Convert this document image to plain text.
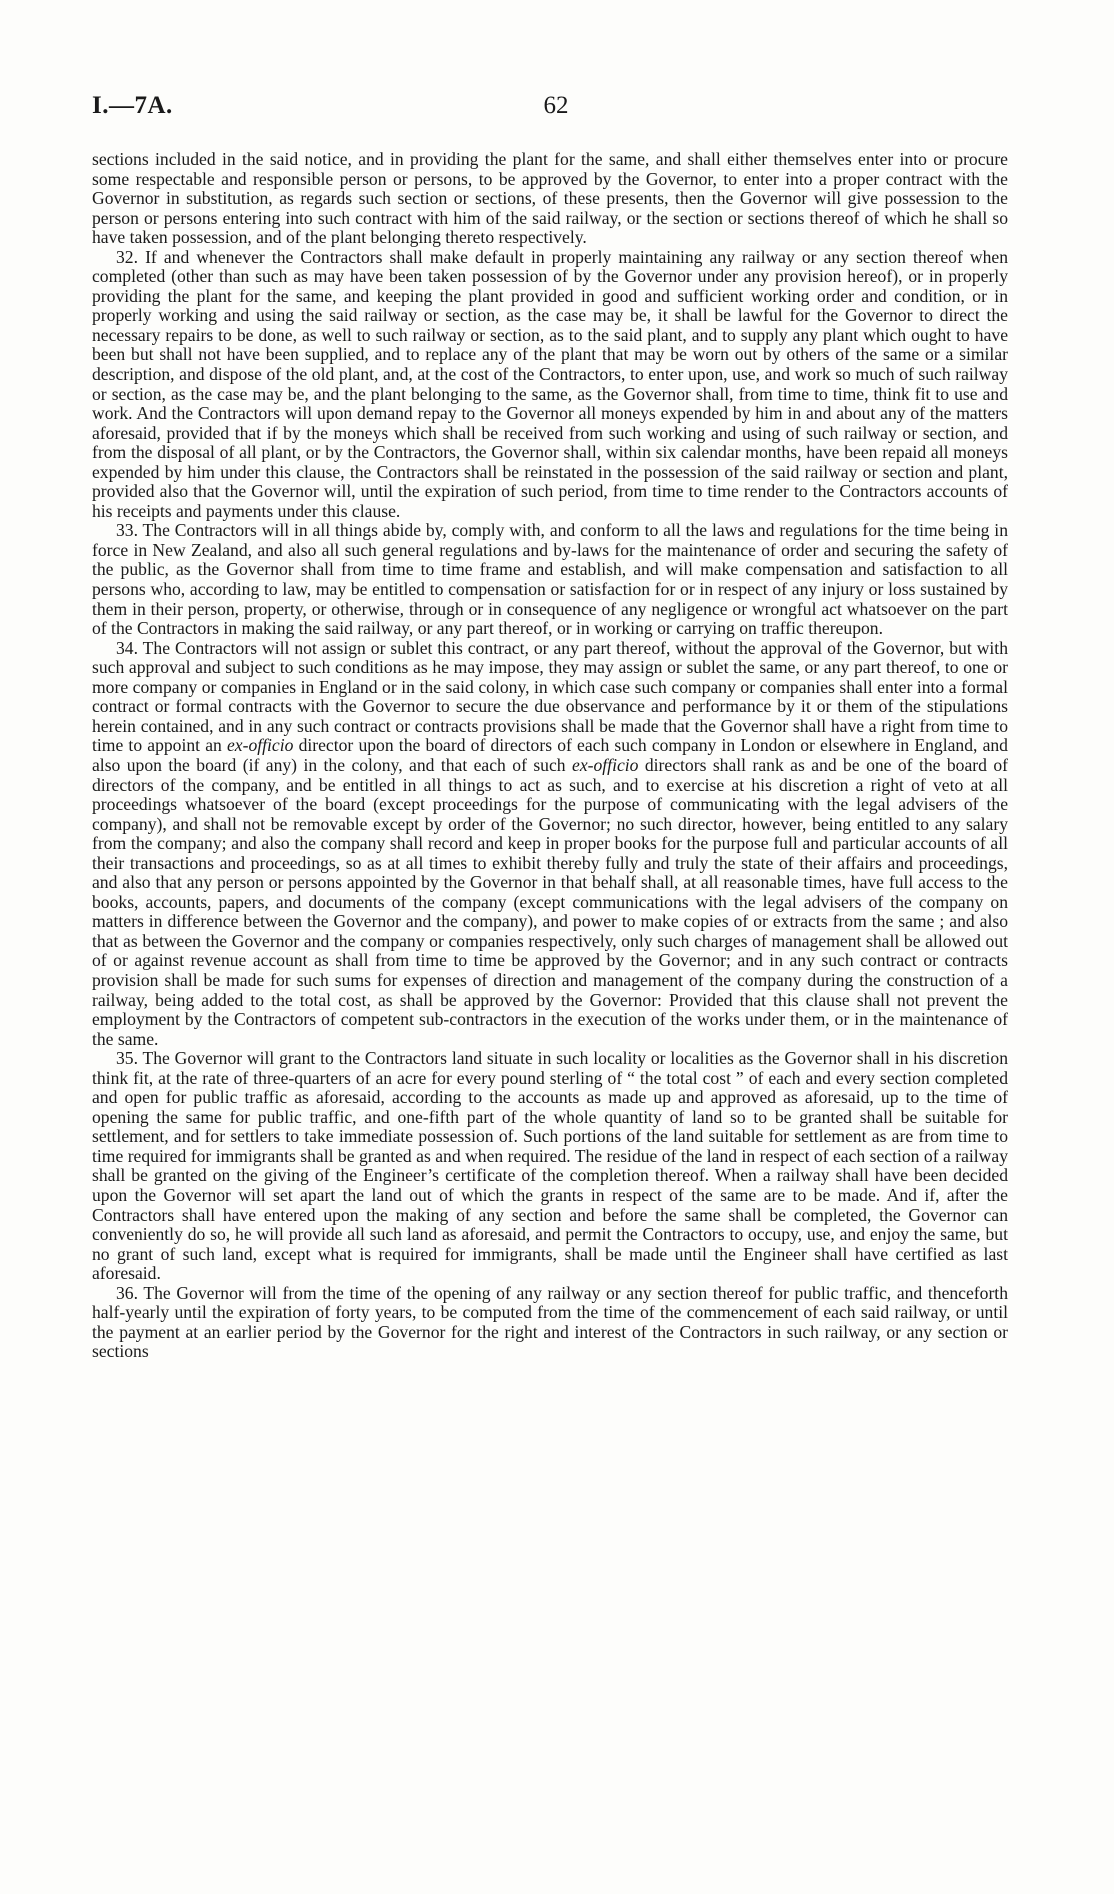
I.—7A.	62

sections included in the said notice, and in providing the plant for the same, and shall either themselves enter into or procure some respectable and responsible person or persons, to be approved by the Governor, to enter into a proper contract with the Governor in substitution, as regards such section or sections, of these presents, then the Governor will give possession to the person or persons entering into such contract with him of the said railway, or the section or sections thereof of which he shall so have taken possession, and of the plant belonging thereto respectively.

32. If and whenever the Contractors shall make default in properly maintaining any railway or any section thereof when completed (other than such as may have been taken possession of by the Governor under any provision hereof), or in properly providing the plant for the same, and keeping the plant provided in good and sufficient working order and condition, or in properly working and using the said railway or section, as the case may be, it shall be lawful for the Governor to direct the necessary repairs to be done, as well to such railway or section, as to the said plant, and to supply any plant which ought to have been but shall not have been supplied, and to replace any of the plant that may be worn out by others of the same or a similar description, and dispose of the old plant, and, at the cost of the Contractors, to enter upon, use, and work so much of such railway or section, as the case may be, and the plant belonging to the same, as the Governor shall, from time to time, think fit to use and work. And the Contractors will upon demand repay to the Governor all moneys expended by him in and about any of the matters aforesaid, provided that if by the moneys which shall be received from such working and using of such railway or section, and from the disposal of all plant, or by the Contractors, the Governor shall, within six calendar months, have been repaid all moneys expended by him under this clause, the Contractors shall be reinstated in the possession of the said railway or section and plant, provided also that the Governor will, until the expiration of such period, from time to time render to the Contractors accounts of his receipts and payments under this clause.

33. The Contractors will in all things abide by, comply with, and conform to all the laws and regulations for the time being in force in New Zealand, and also all such general regulations and by-laws for the maintenance of order and securing the safety of the public, as the Governor shall from time to time frame and establish, and will make compensation and satisfaction to all persons who, according to law, may be entitled to compensation or satisfaction for or in respect of any injury or loss sustained by them in their person, property, or otherwise, through or in consequence of any negligence or wrongful act whatsoever on the part of the Contractors in making the said railway, or any part thereof, or in working or carrying on traffic thereupon.

34. The Contractors will not assign or sublet this contract, or any part thereof, without the approval of the Governor, but with such approval and subject to such conditions as he may impose, they may assign or sublet the same, or any part thereof, to one or more company or companies in England or in the said colony, in which case such company or companies shall enter into a formal contract or formal contracts with the Governor to secure the due observance and performance by it or them of the stipulations herein contained, and in any such contract or contracts provisions shall be made that the Governor shall have a right from time to time to appoint an ex-officio director upon the board of directors of each such company in London or elsewhere in England, and also upon the board (if any) in the colony, and that each of such ex-officio directors shall rank as and be one of the board of directors of the company, and be entitled in all things to act as such, and to exercise at his discretion a right of veto at all proceedings whatsoever of the board (except proceedings for the purpose of communicating with the legal advisers of the company), and shall not be removable except by order of the Governor; no such director, however, being entitled to any salary from the company; and also the company shall record and keep in proper books for the purpose full and particular accounts of all their transactions and proceedings, so as at all times to exhibit thereby fully and truly the state of their affairs and proceedings, and also that any person or persons appointed by the Governor in that behalf shall, at all reasonable times, have full access to the books, accounts, papers, and documents of the company (except communications with the legal advisers of the company on matters in difference between the Governor and the company), and power to make copies of or extracts from the same ; and also that as between the Governor and the company or companies respectively, only such charges of management shall be allowed out of or against revenue account as shall from time to time be approved by the Governor; and in any such contract or contracts provision shall be made for such sums for expenses of direction and management of the company during the construction of a railway, being added to the total cost, as shall be approved by the Governor: Provided that this clause shall not prevent the employment by the Contractors of competent sub-contractors in the execution of the works under them, or in the maintenance of the same.

35. The Governor will grant to the Contractors land situate in such locality or localities as the Governor shall in his discretion think fit, at the rate of three-quarters of an acre for every pound sterling of “ the total cost ” of each and every section completed and open for public traffic as aforesaid, according to the accounts as made up and approved as aforesaid, up to the time of opening the same for public traffic, and one-fifth part of the whole quantity of land so to be granted shall be suitable for settlement, and for settlers to take immediate possession of. Such portions of the land suitable for settlement as are from time to time required for immigrants shall be granted as and when required. The residue of the land in respect of each section of a railway shall be granted on the giving of the Engineer’s certificate of the completion thereof. When a railway shall have been decided upon the Governor will set apart the land out of which the grants in respect of the same are to be made. And if, after the Contractors shall have entered upon the making of any section and before the same shall be completed, the Governor can conveniently do so, he will provide all such land as aforesaid, and permit the Contractors to occupy, use, and enjoy the same, but no grant of such land, except what is required for immigrants, shall be made until the Engineer shall have certified as last aforesaid.

36. The Governor will from the time of the opening of any railway or any section thereof for public traffic, and thenceforth half-yearly until the expiration of forty years, to be computed from the time of the commencement of each said railway, or until the payment at an earlier period by the Governor for the right and interest of the Contractors in such railway, or any section or sections
